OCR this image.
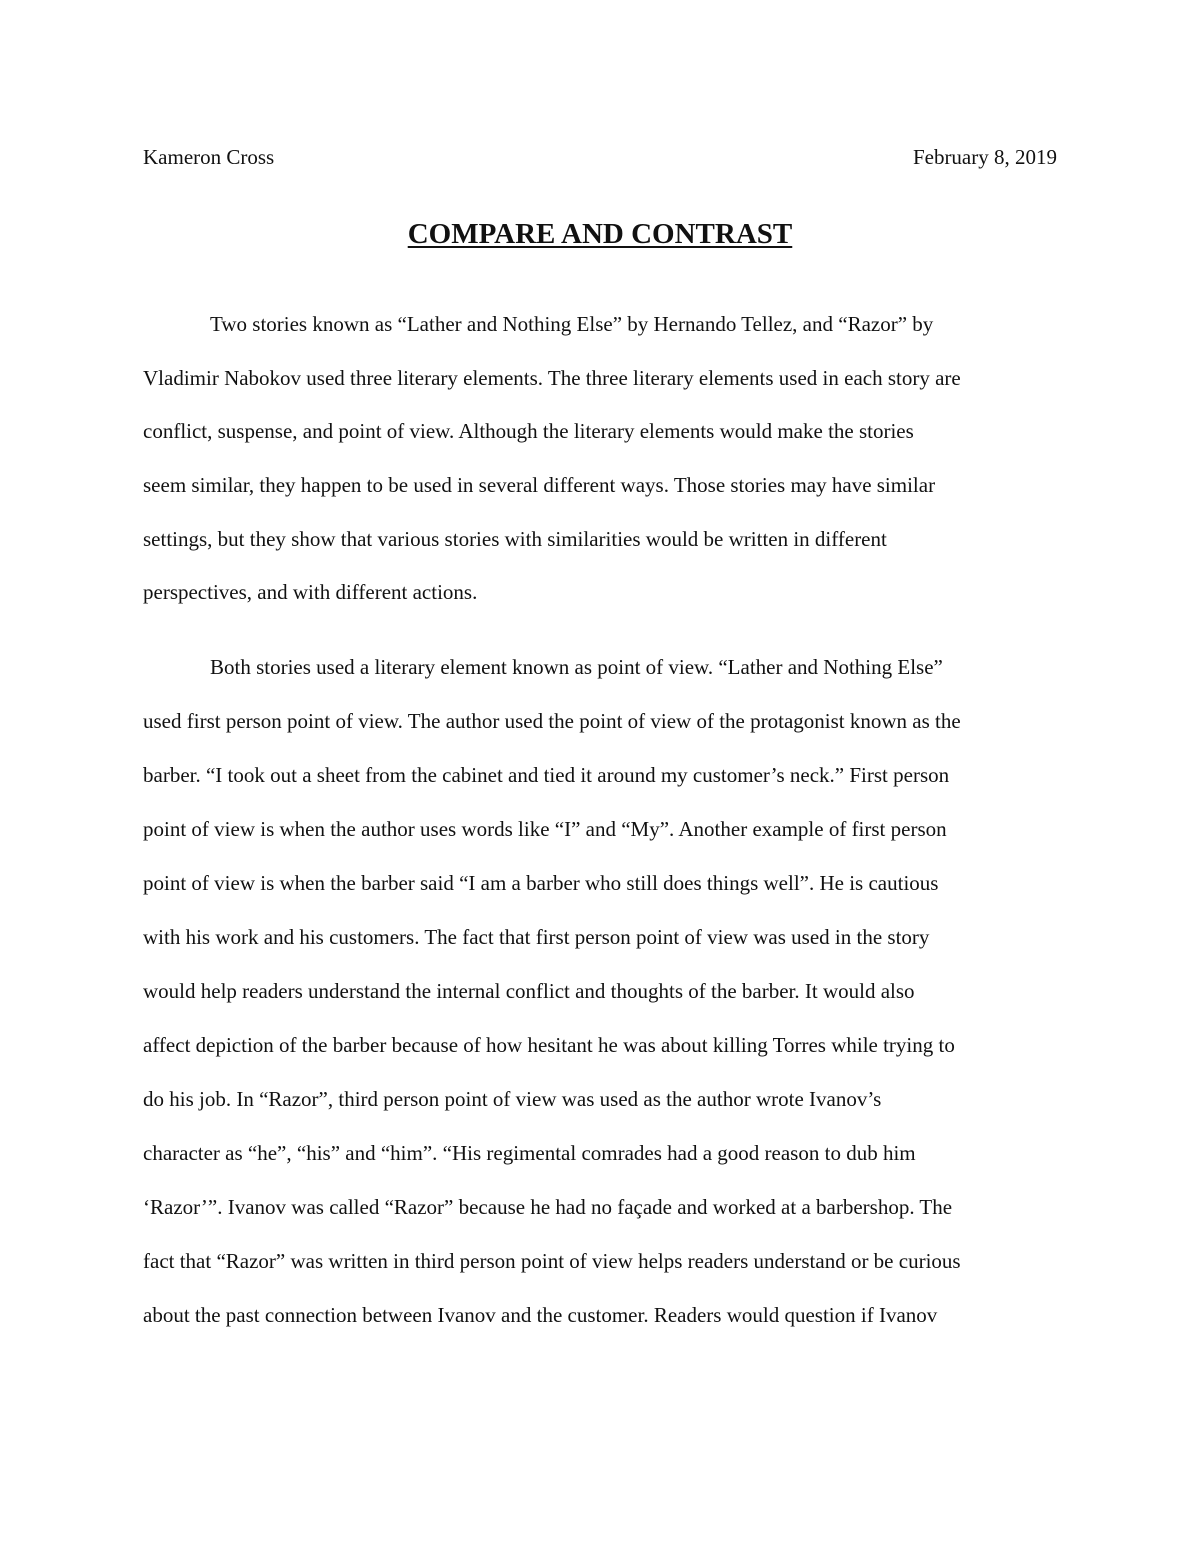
Kameron Cross	February 8, 2019
COMPARE AND CONTRAST
Two stories known as “Lather and Nothing Else” by Hernando Tellez, and “Razor” by
Vladimir Nabokov used three literary elements. The three literary elements used in each story are
conflict, suspense, and point of view. Although the literary elements would make the stories
seem similar, they happen to be used in several different ways. Those stories may have similar
settings, but they show that various stories with similarities would be written in different
perspectives, and with different actions.
Both stories used a literary element known as point of view. “Lather and Nothing Else”
used first person point of view. The author used the point of view of the protagonist known as the
barber. “I took out a sheet from the cabinet and tied it around my customer’s neck.” First person
point of view is when the author uses words like “I” and “My”. Another example of first person
point of view is when the barber said “I am a barber who still does things well”. He is cautious
with his work and his customers. The fact that first person point of view was used in the story
would help readers understand the internal conflict and thoughts of the barber. It would also
affect depiction of the barber because of how hesitant he was about killing Torres while trying to
do his job. In “Razor”, third person point of view was used as the author wrote Ivanov’s
character as “he”, “his” and “him”. “His regimental comrades had a good reason to dub him
‘Razor’”. Ivanov was called “Razor” because he had no façade and worked at a barbershop. The
fact that “Razor” was written in third person point of view helps readers understand or be curious
about the past connection between Ivanov and the customer. Readers would question if Ivanov
